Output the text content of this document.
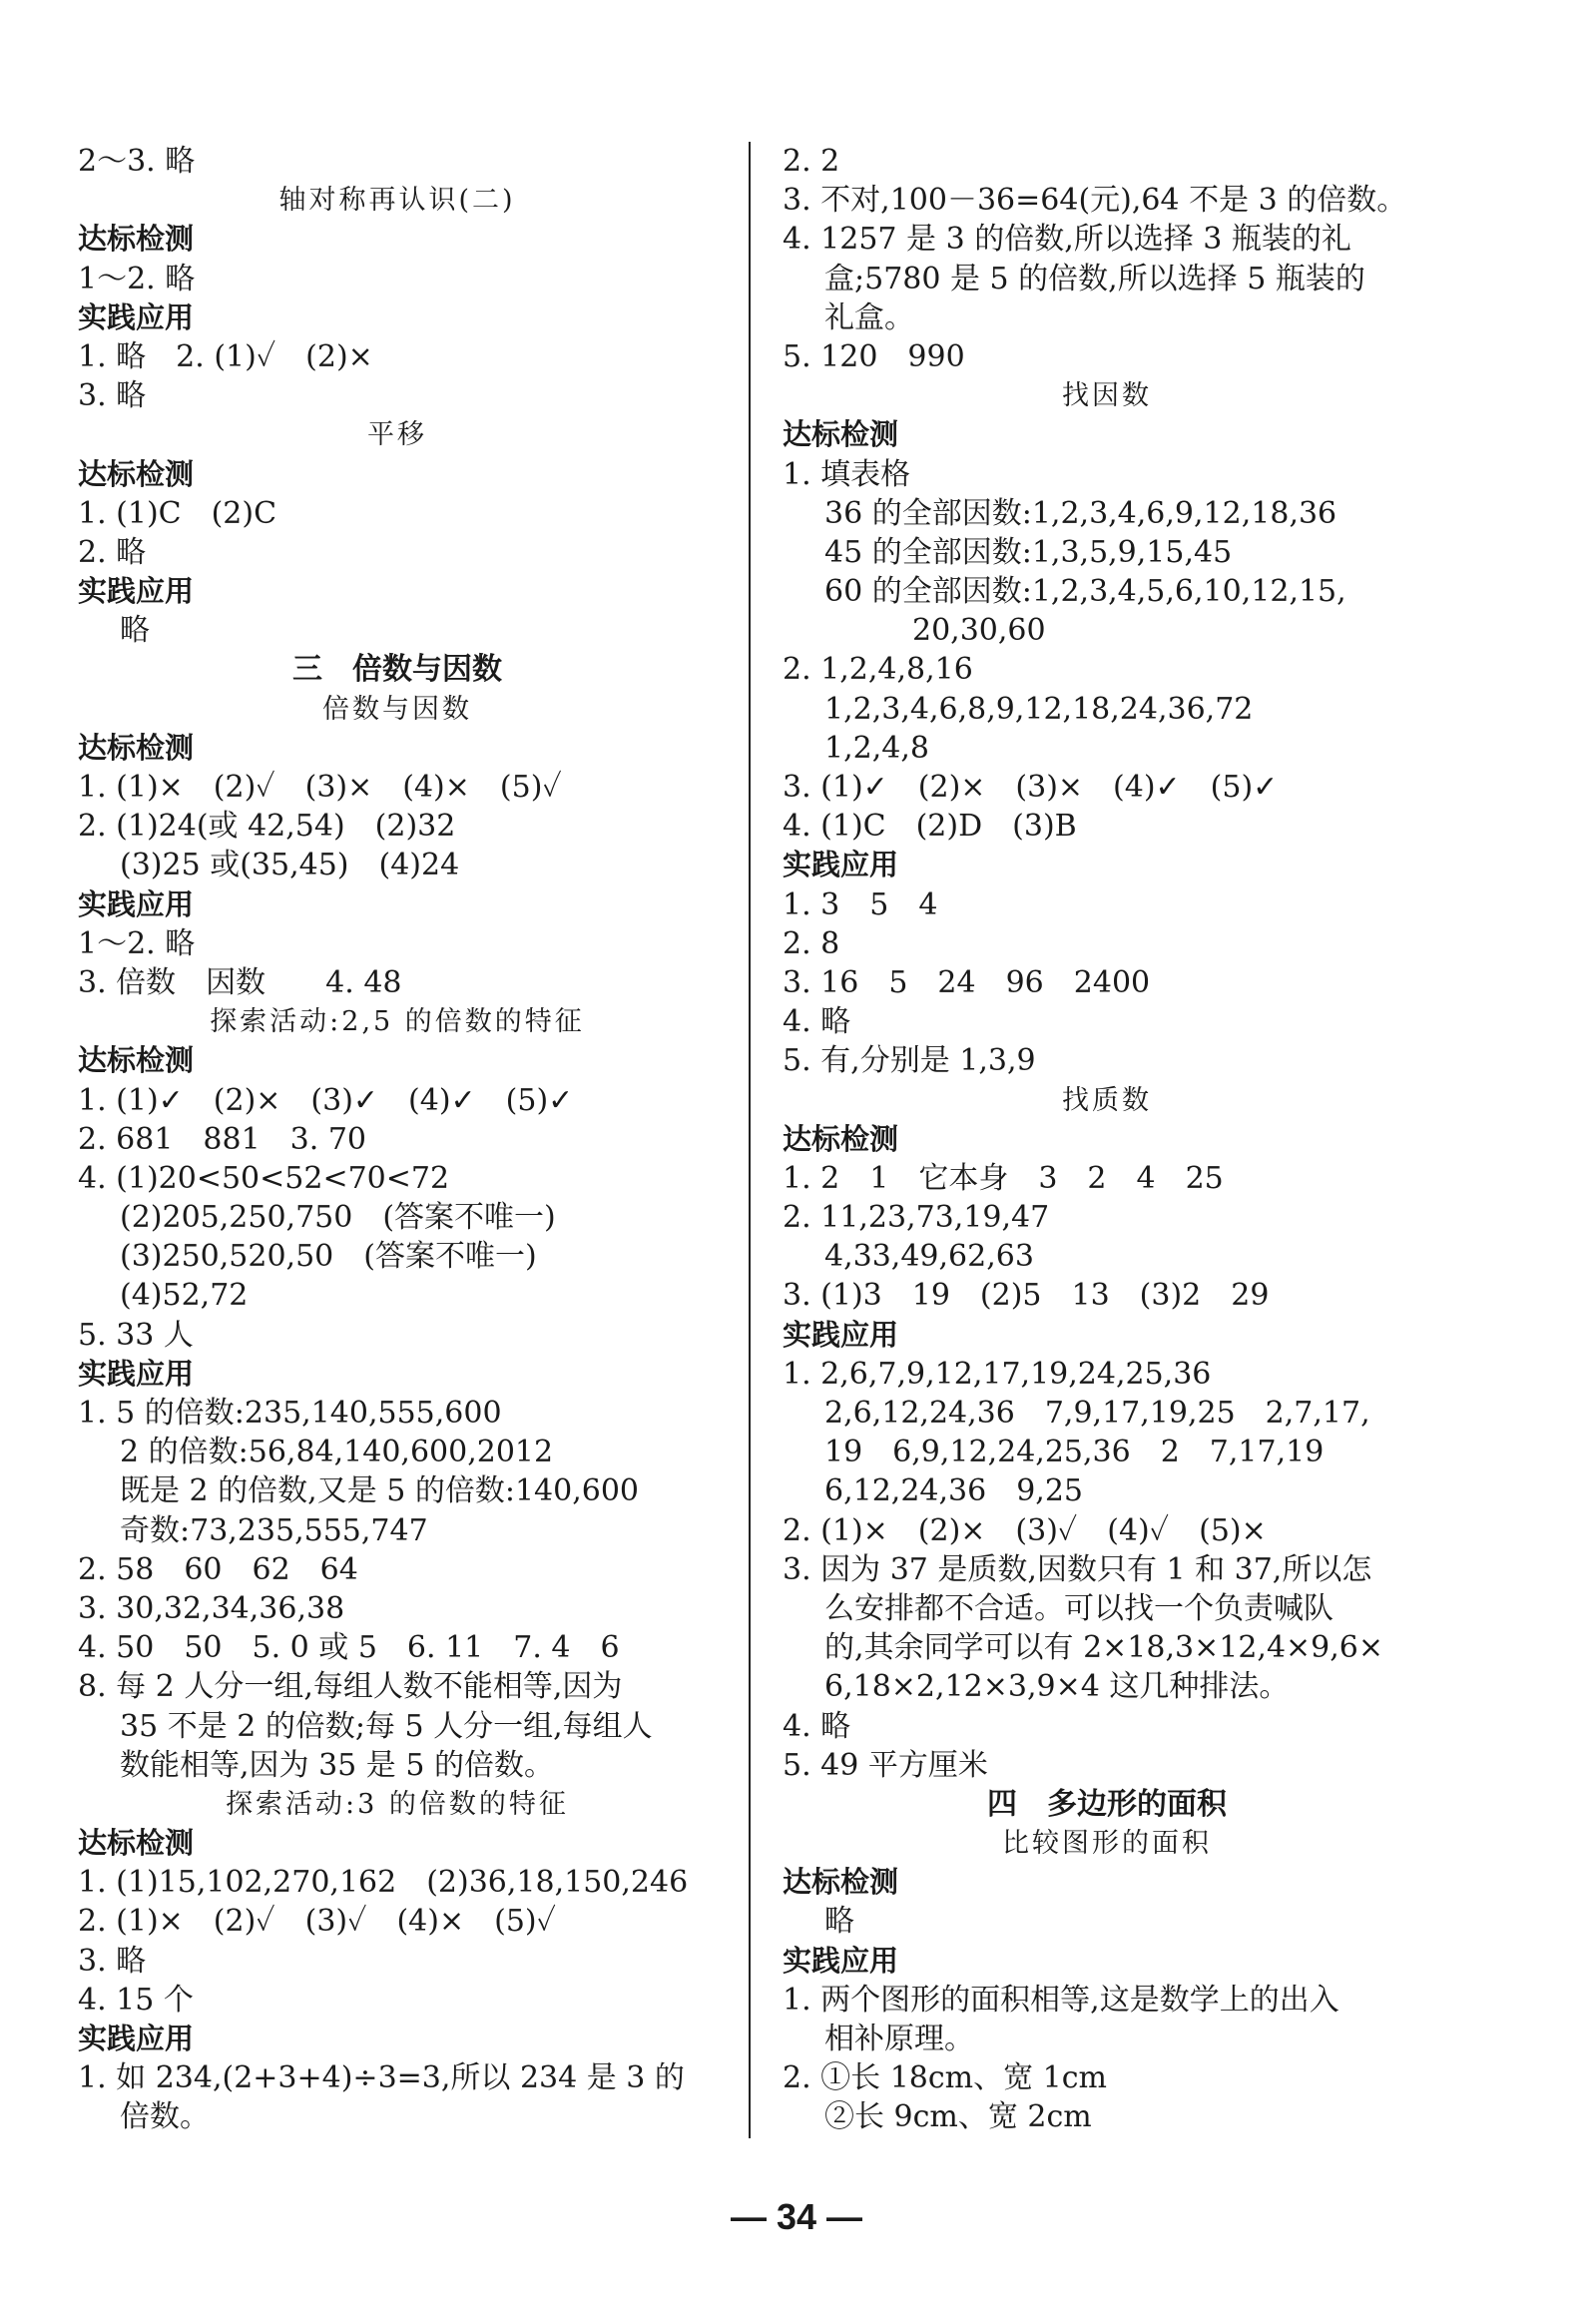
2～3. 略
轴对称再认识(二)
达标检测
1～2. 略
实践应用
1. 略　2. (1)✓　(2)×
3. 略
平移
达标检测
1. (1)C　(2)C
2. 略
实践应用
略
三　倍数与因数
倍数与因数
达标检测
1. (1)×　(2)✓　(3)×　(4)×　(5)✓
2. (1)24(或 42,54)　(2)32
(3)25 或(35,45)　(4)24
实践应用
1～2. 略
3. 倍数　因数　　4. 48
探索活动:2,5 的倍数的特征
达标检测
1. (1)✓　(2)×　(3)✓　(4)✓　(5)✓
2. 681　881　3. 70
4. (1)20<50<52<70<72
(2)205,250,750　(答案不唯一)
(3)250,520,50　(答案不唯一)
(4)52,72
5. 33 人
实践应用
1. 5 的倍数:235,140,555,600
2 的倍数:56,84,140,600,2012
既是 2 的倍数,又是 5 的倍数:140,600
奇数:73,235,555,747
2. 58　60　62　64
3. 30,32,34,36,38
4. 50　50　5. 0 或 5　6. 11　7. 4　6
8. 每 2 人分一组,每组人数不能相等,因为
35 不是 2 的倍数;每 5 人分一组,每组人
数能相等,因为 35 是 5 的倍数。
探索活动:3 的倍数的特征
达标检测
1. (1)15,102,270,162　(2)36,18,150,246
2. (1)×　(2)✓　(3)✓　(4)×　(5)✓
3. 略
4. 15 个
实践应用
1. 如 234,(2+3+4)÷3=3,所以 234 是 3 的
倍数。
2. 2
3. 不对,100－36=64(元),64 不是 3 的倍数。
4. 1257 是 3 的倍数,所以选择 3 瓶装的礼
盒;5780 是 5 的倍数,所以选择 5 瓶装的
礼盒。
5. 120　990
找因数
达标检测
1. 填表格
36 的全部因数:1,2,3,4,6,9,12,18,36
45 的全部因数:1,3,5,9,15,45
60 的全部因数:1,2,3,4,5,6,10,12,15,
20,30,60
2. 1,2,4,8,16
1,2,3,4,6,8,9,12,18,24,36,72
1,2,4,8
3. (1)✓　(2)×　(3)×　(4)✓　(5)✓
4. (1)C　(2)D　(3)B
实践应用
1. 3　5　4
2. 8
3. 16　5　24　96　2400
4. 略
5. 有,分别是 1,3,9
找质数
达标检测
1. 2　1　它本身　3　2　4　25
2. 11,23,73,19,47
4,33,49,62,63
3. (1)3　19　(2)5　13　(3)2　29
实践应用
1. 2,6,7,9,12,17,19,24,25,36
2,6,12,24,36　7,9,17,19,25　2,7,17,
19　6,9,12,24,25,36　2　7,17,19
6,12,24,36　9,25
2. (1)×　(2)×　(3)✓　(4)✓　(5)×
3. 因为 37 是质数,因数只有 1 和 37,所以怎
么安排都不合适。可以找一个负责喊队
的,其余同学可以有 2×18,3×12,4×9,6×
6,18×2,12×3,9×4 这几种排法。
4. 略
5. 49 平方厘米
四　多边形的面积
比较图形的面积
达标检测
略
实践应用
1. 两个图形的面积相等,这是数学上的出入
相补原理。
2. ①长 18cm、宽 1cm
②长 9cm、宽 2cm
— 34 —
